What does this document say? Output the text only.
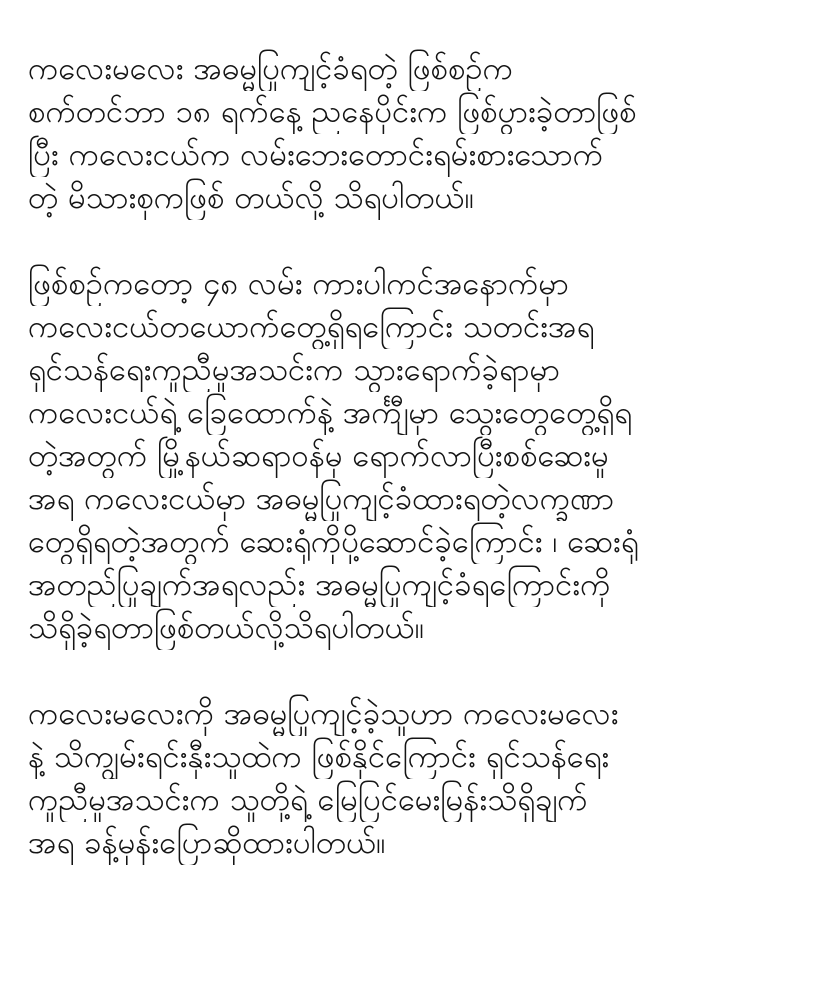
ကလေးမလေး အဓမ္မပြုကျင့်ခံရတဲ့ ဖြစ်စဉ်က
စက်တင်ဘာ ၁၈ ရက်နေ့ ညနေပိုင်းက ဖြစ်ပွားခဲ့တာဖြစ်
ပြီး ကလေးငယ်က လမ်းဘေးတောင်းရမ်းစားသောက်
တဲ့ မိသားစုကဖြစ် တယ်လို့ သိရပါတယ်။

ဖြစ်စဉ်ကတော့ ၄၈ လမ်း ကားပါကင်အနောက်မှာ
ကလေးငယ်တယောက်တွေ့ရှိရကြောင်း သတင်းအရ
ရှင်သန်ရေးကူညီမှုအသင်းက သွားရောက်ခဲ့ရာမှာ
ကလေးငယ်ရဲ့ ခြေထောက်နဲ့ အင်္ကျီမှာ သွေးတွေတွေ့ရှိရ
တဲ့အတွက် မြို့နယ်ဆရာဝန်မှ ရောက်လာပြီးစစ်ဆေးမှု
အရ ကလေးငယ်မှာ အဓမ္မပြုကျင့်ခံထားရတဲ့လက္ခဏာ
တွေရှိရတဲ့အတွက် ဆေးရုံကိုပို့ဆောင်ခဲ့ကြောင်း ၊ ဆေးရုံ
အတည်ပြုချက်အရလည်း အဓမ္မပြုကျင့်ခံရကြောင်းကို
သိရှိခဲ့ရတာဖြစ်တယ်လို့သိရပါတယ်။

ကလေးမလေးကို အဓမ္မပြုကျင့်ခဲ့သူဟာ ကလေးမလေး
နဲ့ သိကျွမ်းရင်းနှီးသူထဲက ဖြစ်နိုင်ကြောင်း ရှင်သန်ရေး
ကူညီမှုအသင်းက သူတို့ရဲ့ မြေပြင်မေးမြန်းသိရှိချက်
အရ ခန့်မှန်းပြောဆိုထားပါတယ်။
